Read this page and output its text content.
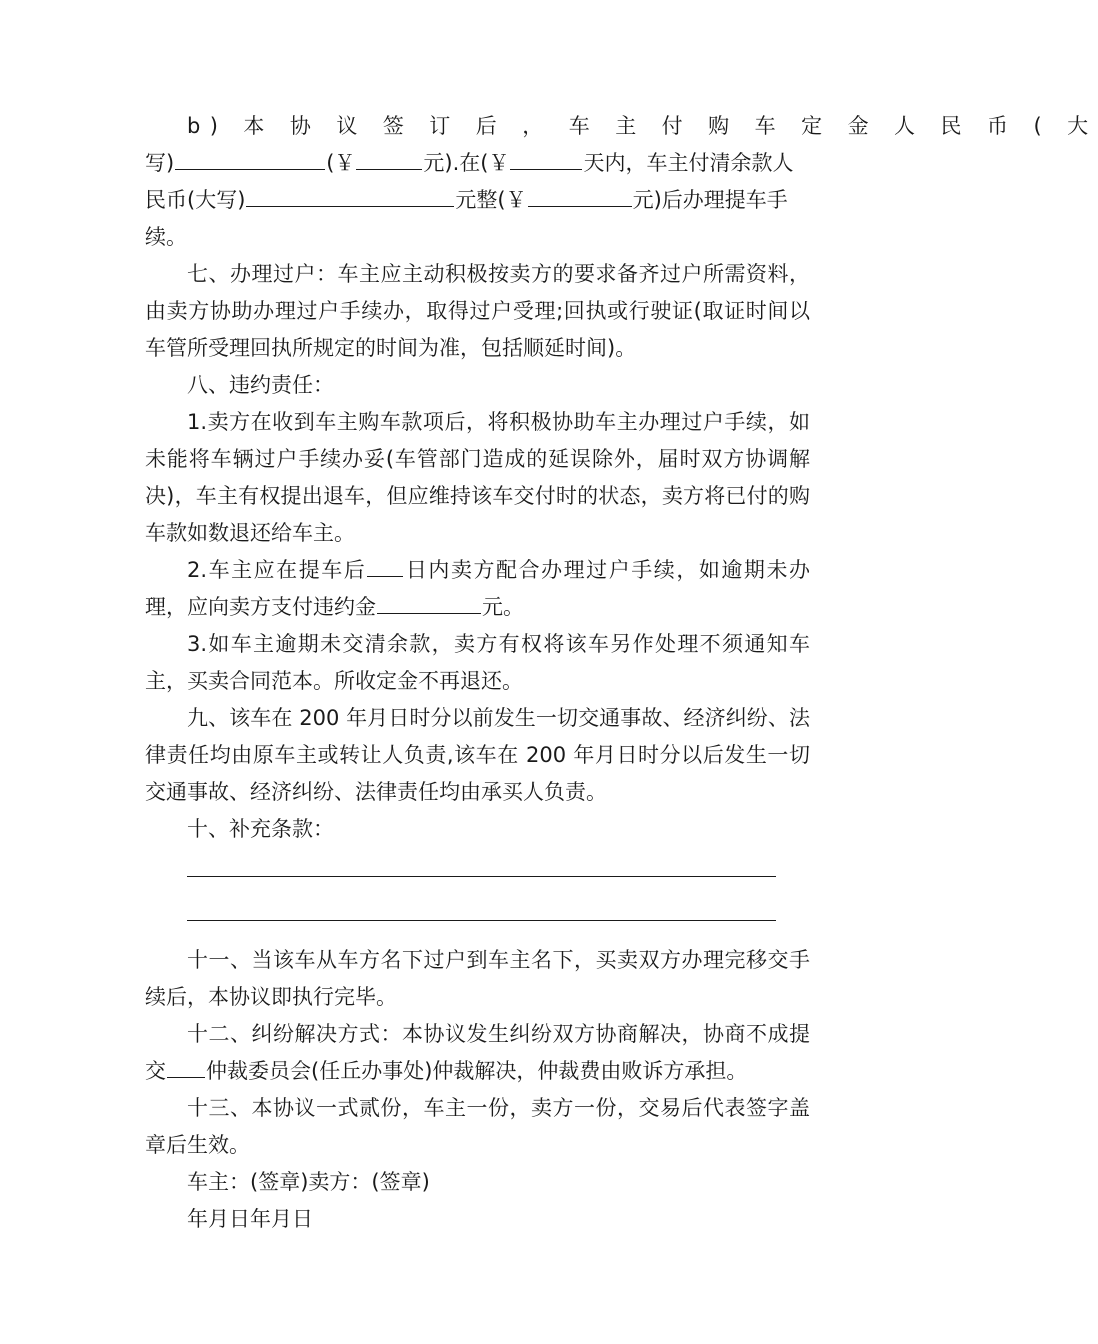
b) 本 协 议 签 订 后 ， 车 主 付 购 车 定 金 人 民 币 ( 大
写)	(￥	元).在(￥	天内，车主付清余款人
民币(大写)	元整(￥	元)后办理提车手
续。

七、办理过户：车主应主动积极按卖方的要求备齐过户所需资料，由卖方协助办理过户手续办，取得过户受理;回执或行驶证(取证时间以车管所受理回执所规定的时间为准，包括顺延时间)。

八、违约责任：

1.卖方在收到车主购车款项后，将积极协助车主办理过户手续，如未能将车辆过户手续办妥(车管部门造成的延误除外，届时双方协调解决)，车主有权提出退车，但应维持该车交付时的状态，卖方将已付的购车款如数退还给车主。

2.车主应在提车后 日内卖方配合办理过户手续，如逾期未办理，应向卖方支付违约金	元。

3.如车主逾期未交清余款，卖方有权将该车另作处理不须通知车主，买卖合同范本。所收定金不再退还。

九、该车在 200 年月日时分以前发生一切交通事故、经济纠纷、法律责任均由原车主或转让人负责,该车在 200 年月日时分以后发生一切交通事故、经济纠纷、法律责任均由承买人负责。

十、补充条款：

十一、当该车从车方名下过户到车主名下，买卖双方办理完移交手续后，本协议即执行完毕。

十二、纠纷解决方式：本协议发生纠纷双方协商解决，协商不成提交 仲裁委员会(任丘办事处)仲裁解决，仲裁费由败诉方承担。

十三、本协议一式贰份，车主一份，卖方一份，交易后代表签字盖章后生效。

车主：(签章)卖方：(签章)

年月日年月日
